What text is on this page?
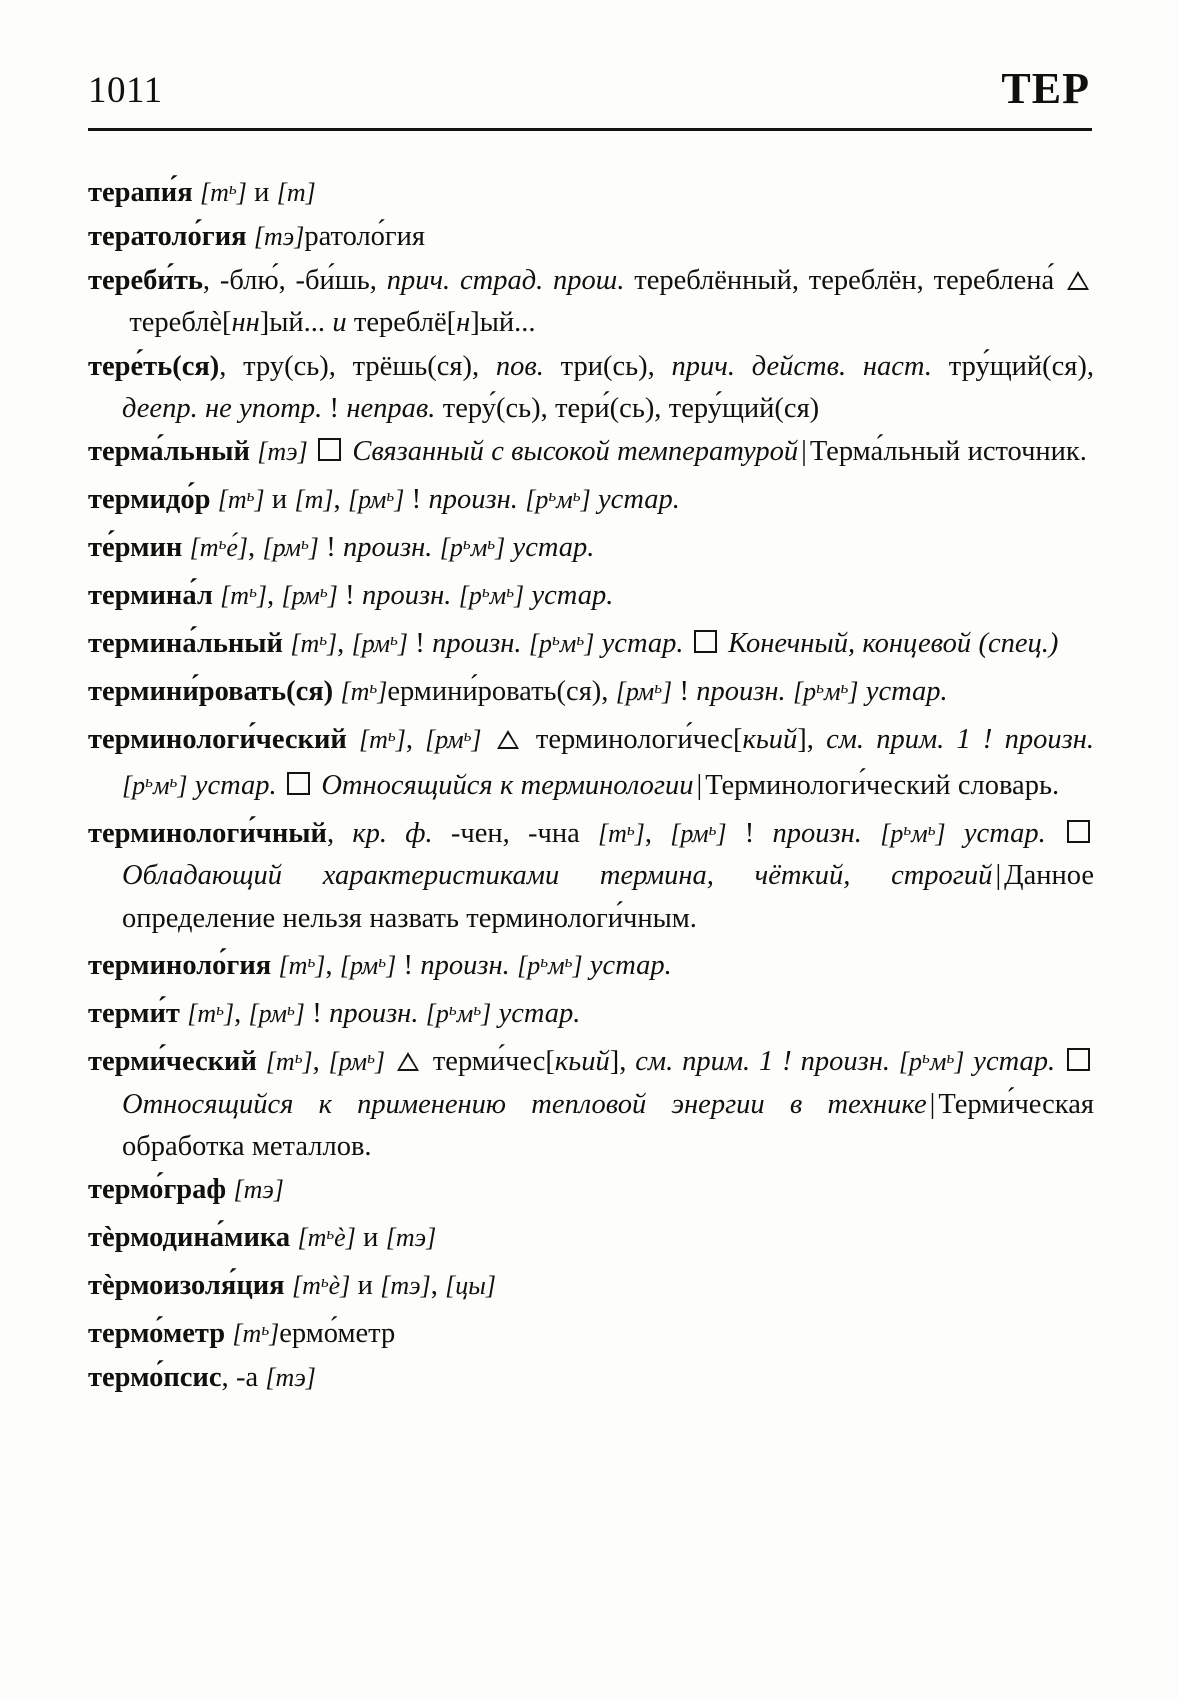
1011	ТЕР

терапи́я $[т^ь]$ и [т]

тератоло́гия [тэ]ратоло́гия

тереби́ть, -блю́, -би́шь, прич. страд. прош. тереблённый, тереблён, тереблена́  тереблѐ[нн]ый... и тереблё[н]ый...

тере́ть(ся), тру(сь), трёшь(ся), пов. три(сь), прич. действ. наст. тру́щий(ся), деепр. не употр. ! неправ. теру́(сь), тери́(сь), теру́щий(ся)

терма́льный [тэ] Связанный с высокой температурой | Терма́льный источник.

термидо́р $[т^ь]$ и [т], $[рм^ь]$ ! произн. $[р^ьм^ь]$ устар.

те́рмин $[т^ье́]$, $[рм^ь]$ ! произн. $[р^ьм^ь]$ устар.

термина́л $[т^ь]$, $[рм^ь]$ ! произн. $[р^ьм^ь]$ устар.

термина́льный $[т^ь]$, $[рм^ь]$ ! произн. $[р^ьм^ь]$ устар. Конечный, концевой (спец.)

термини́ровать(ся) $[т^ь]ермини́ровать(ся)$, $[рм^ь]$ ! произн. $[р^ьм^ь]$ устар.

терминологи́ческий $[т^ь]$, $[рм^ь]$  терминологи́чес[кьий], см. прим. 1 ! произн. $[р^ьм^ь]$ устар. Относящийся к терминологии | Терминологи́ческий словарь.

терминологи́чный, кр. ф. -чен, -чна $[т^ь]$, $[рм^ь]$ ! произн. $[р^ьм^ь]$ устар.  Обладающий характеристиками термина, чёткий, строгий | Данное определение нельзя назвать терминологи́чным.

терминоло́гия $[т^ь]$, $[рм^ь]$ ! произн. $[р^ьм^ь]$ устар.

терми́т $[т^ь]$, $[рм^ь]$ ! произн. $[р^ьм^ь]$ устар.

терми́ческий $[т^ь]$, $[рм^ь]$  терми́чес[кьий], см. прим. 1 ! произн. $[р^ьм^ь]$ устар.  Относящийся к применению тепловой энергии в технике | Терми́ческая обработка металлов.

термо́граф [тэ]

тѐрмодина́мика $[т^ьѐ]$ и [тэ]

тѐрмоизоля́ция $[т^ьѐ]$ и [тэ], [цы]

термо́метр $[т^ь]ермо́метр$

термо́псис, -а [тэ]
